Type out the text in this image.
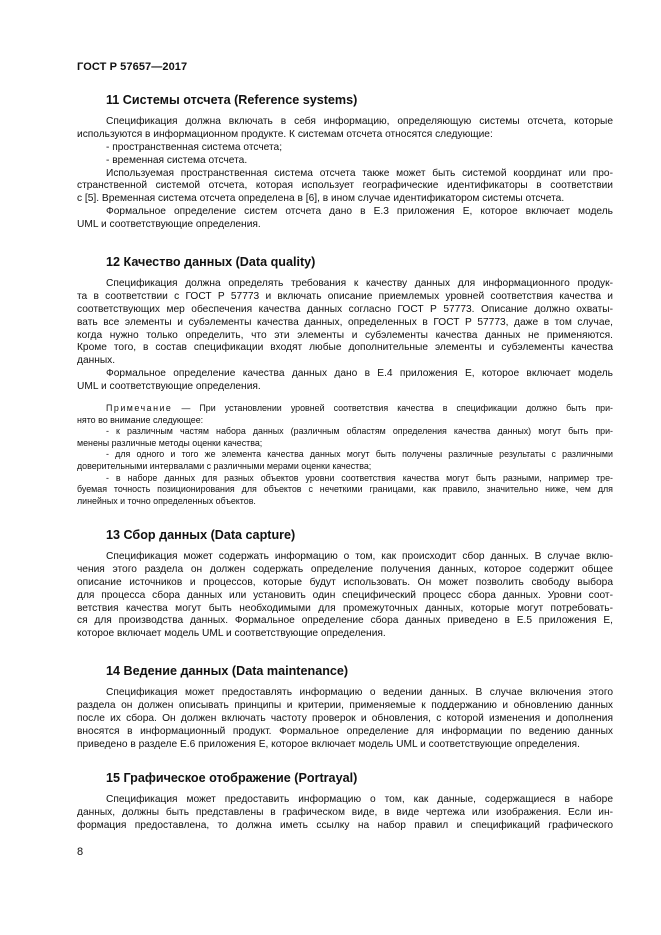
ГОСТ Р 57657—2017
11 Системы отсчета (Reference systems)
Спецификация должна включать в себя информацию, определяющую системы отсчета, которые
используются в информационном продукте. К системам отсчета относятся следующие:
- пространственная система отсчета;
- временная система отсчета.
Используемая пространственная система отсчета также может быть системой координат или про-
странственной системой отсчета, которая использует географические идентификаторы в соответствии
с [5]. Временная система отсчета определена в [6], в ином случае идентификатором системы отсчета.
Формальное определение систем отсчета дано в Е.3 приложения Е, которое включает модель
UML и соответствующие определения.
12 Качество данных (Data quality)
Спецификация должна определять требования к качеству данных для информационного продук-
та в соответствии с ГОСТ Р 57773 и включать описание приемлемых уровней соответствия качества и
соответствующих мер обеспечения качества данных согласно ГОСТ Р 57773. Описание должно охваты-
вать все элементы и субэлементы качества данных, определенных в ГОСТ Р 57773, даже в том случае,
когда нужно только определить, что эти элементы и субэлементы качества данных не применяются.
Кроме того, в состав спецификации входят любые дополнительные элементы и субэлементы качества
данных.
Формальное определение качества данных дано в Е.4 приложения Е, которое включает модель
UML и соответствующие определения.
Примечание — При установлении уровней соответствия качества в спецификации должно быть при-
нято во внимание следующее:
- к различным частям набора данных (различным областям определения качества данных) могут быть при-
менены различные методы оценки качества;
- для одного и того же элемента качества данных могут быть получены различные результаты с различными
доверительными интервалами с различными мерами оценки качества;
- в наборе данных для разных объектов уровни соответствия качества могут быть разными, например тре-
буемая точность позиционирования для объектов с нечеткими границами, как правило, значительно ниже, чем для
линейных и точно определенных объектов.
13 Сбор данных (Data capture)
Спецификация может содержать информацию о том, как происходит сбор данных. В случае вклю-
чения этого раздела он должен содержать определение получения данных, которое содержит общее
описание источников и процессов, которые будут использовать. Он может позволить свободу выбора
для процесса сбора данных или установить один специфический процесс сбора данных. Уровни соот-
ветствия качества могут быть необходимыми для промежуточных данных, которые могут потребовать-
ся для производства данных. Формальное определение сбора данных приведено в Е.5 приложения Е,
которое включает модель UML и соответствующие определения.
14 Ведение данных (Data maintenance)
Спецификация может предоставлять информацию о ведении данных. В случае включения этого
раздела он должен описывать принципы и критерии, применяемые к поддержанию и обновлению данных
после их сбора. Он должен включать частоту проверок и обновления, с которой изменения и дополнения
вносятся в информационный продукт. Формальное определение для информации по ведению данных
приведено в разделе Е.6 приложения Е, которое включает модель UML и соответствующие определения.
15 Графическое отображение (Portrayal)
Спецификация может предоставить информацию о том, как данные, содержащиеся в наборе
данных, должны быть представлены в графическом виде, в виде чертежа или изображения. Если ин-
формация предоставлена, то должна иметь ссылку на набор правил и спецификаций графического
8
